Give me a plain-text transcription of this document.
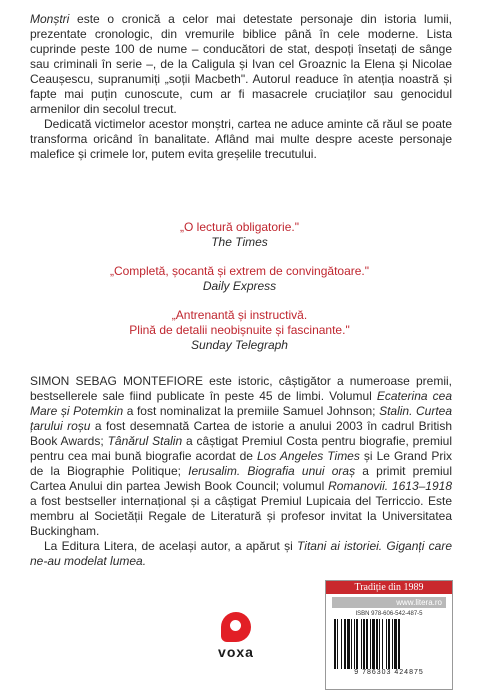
Monștri este o cronică a celor mai detestate personaje din istoria lumii, prezentate cronologic, din vremurile biblice până în cele moderne. Lista cuprinde peste 100 de nume – conducători de stat, despoți însetați de sânge sau criminali în serie –, de la Caligula și Ivan cel Groaznic la Elena și Nicolae Ceaușescu, supranumiți „soții Macbeth". Autorul readuce în atenția noastră și fapte mai puțin cunoscute, cum ar fi masacrele cruciaților sau genocidul armenilor din secolul trecut.

Dedicată victimelor acestor monștri, cartea ne aduce aminte că răul se poate transforma oricând în banalitate. Aflând mai multe despre aceste personaje malefice și crimele lor, putem evita greșelile trecutului.

„O lectură obligatorie."
The Times
„Completă, șocantă și extrem de convingătoare."
Daily Express
„Antrenantă și instructivă.
Plină de detalii neobișnuite și fascinante."
Sunday Telegraph

SIMON SEBAG MONTEFIORE este istoric, câștigător a numeroase premii, bestsellerele sale fiind publicate în peste 45 de limbi. Volumul Ecaterina cea Mare și Potemkin a fost nominalizat la premiile Samuel Johnson; Stalin. Curtea țarului roșu a fost desemnată Cartea de istorie a anului 2003 în cadrul British Book Awards; Tânărul Stalin a câștigat Premiul Costa pentru biografie, premiul pentru cea mai bună biografie acordat de Los Angeles Times și Le Grand Prix de la Biographie Politique; Ierusalim. Biografia unui oraș a primit premiul Cartea Anului din partea Jewish Book Council; volumul Romanovii. 1613–1918 a fost bestseller internațional și a câștigat Premiul Lupicaia del Terriccio. Este membru al Societății Regale de Literatură și profesor invitat la Universitatea Buckingham.

La Editura Litera, de același autor, a apărut și Titani ai istoriei. Giganți care ne-au modelat lumea.

voxa
Tradiție din 1989
www.litera.ro
ISBN 978-606-542-487-5
9 786303 424875
